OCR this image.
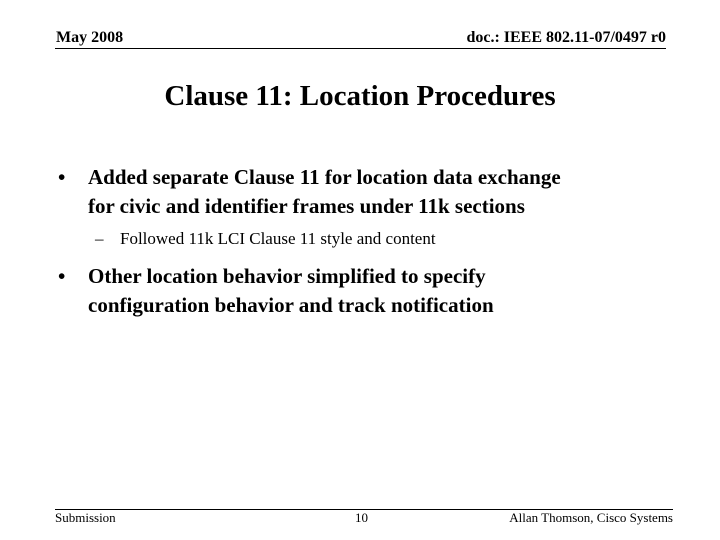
May 2008	doc.: IEEE 802.11-07/0497 r0
Clause 11: Location Procedures
• Added separate Clause 11 for location data exchange
for civic and identifier frames under 11k sections
– Followed 11k LCI Clause 11 style and content
• Other location behavior simplified to specify
configuration behavior and track notification
Submission	10	Allan Thomson, Cisco Systems
